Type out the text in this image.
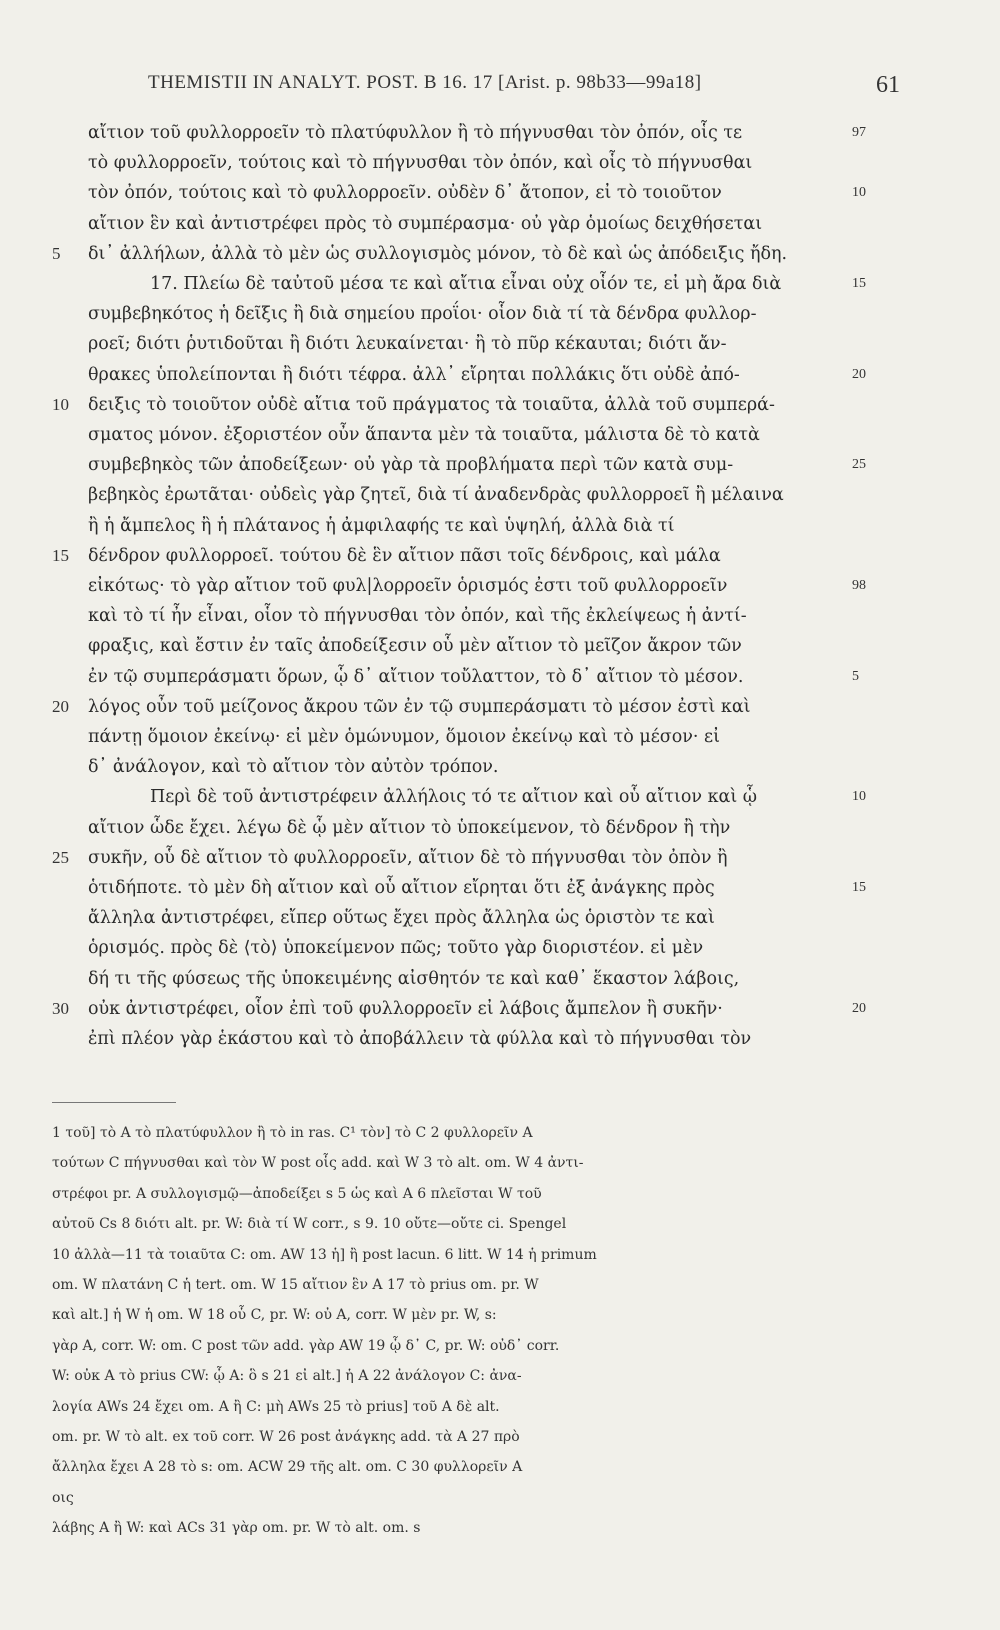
THEMISTII IN ANALYT. POST. B 16. 17 [Arist. p. 98b33—99a18]	61
αἴτιον τοῦ φυλλορροεῖν τὸ πλατύφυλλον ἢ τὸ πήγνυσθαι τὸν ὀπόν, οἷς τε	97
τὸ φυλλορροεῖν, τούτοις καὶ τὸ πήγνυσθαι τὸν ὀπόν, καὶ οἷς τὸ πήγνυσθαι
τὸν ὀπόν, τούτοις καὶ τὸ φυλλορροεῖν. οὐδὲν δ᾽ ἄτοπον, εἰ τὸ τοιοῦτον	10
αἴτιον ἓν καὶ ἀντιστρέφει πρὸς τὸ συμπέρασμα· οὐ γὰρ ὁμοίως δειχθήσεται
5	δι᾽ ἀλλήλων, ἀλλὰ τὸ μὲν ὡς συλλογισμὸς μόνον, τὸ δὲ καὶ ὡς ἀπόδειξις ἤδη.
17. Πλείω δὲ ταὐτοῦ μέσα τε καὶ αἴτια εἶναι οὐχ οἷόν τε, εἰ μὴ ἄρα διὰ	15
συμβεβηκότος ἡ δεῖξις ἢ διὰ σημείου προΐοι· οἷον διὰ τί τὰ δένδρα φυλλορ-
ροεῖ; διότι ῥυτιδοῦται ἢ διότι λευκαίνεται· ἢ τὸ πῦρ κέκαυται; διότι ἄν-
θρακες ὑπολείπονται ἢ διότι τέφρα. ἀλλ᾽ εἴρηται πολλάκις ὅτι οὐδὲ ἀπό-	20
10	δειξις τὸ τοιοῦτον οὐδὲ αἴτια τοῦ πράγματος τὰ τοιαῦτα, ἀλλὰ τοῦ συμπερά-
σματος μόνον. ἐξοριστέον οὖν ἅπαντα μὲν τὰ τοιαῦτα, μάλιστα δὲ τὸ κατὰ
συμβεβηκὸς τῶν ἀποδείξεων· οὐ γὰρ τὰ προβλήματα περὶ τῶν κατὰ συμ-	25
βεβηκὸς ἐρωτᾶται· οὐδεὶς γὰρ ζητεῖ, διὰ τί ἀναδενδρὰς φυλλορροεῖ ἢ μέλαινα
ἢ ἡ ἄμπελος ἢ ἡ πλάτανος ἡ ἀμφιλαφής τε καὶ ὑψηλή, ἀλλὰ διὰ τί
15	δένδρον φυλλορροεῖ. τούτου δὲ ἓν αἴτιον πᾶσι τοῖς δένδροις, καὶ μάλα
εἰκότως· τὸ γὰρ αἴτιον τοῦ φυλ|λορροεῖν ὁρισμός ἐστι τοῦ φυλλορροεῖν	98
καὶ τὸ τί ἦν εἶναι, οἷον τὸ πήγνυσθαι τὸν ὀπόν, καὶ τῆς ἐκλείψεως ἡ ἀντί-
φραξις, καὶ ἔστιν ἐν ταῖς ἀποδείξεσιν οὗ μὲν αἴτιον τὸ μεῖζον ἄκρον τῶν
ἐν τῷ συμπεράσματι ὅρων, ᾧ δ᾽ αἴτιον τοὔλαττον, τὸ δ᾽ αἴτιον τὸ μέσον.	5
20	λόγος οὖν τοῦ μείζονος ἄκρου τῶν ἐν τῷ συμπεράσματι τὸ μέσον ἐστὶ καὶ
πάντῃ ὅμοιον ἐκείνῳ· εἰ μὲν ὁμώνυμον, ὅμοιον ἐκείνῳ καὶ τὸ μέσον· εἰ
δ᾽ ἀνάλογον, καὶ τὸ αἴτιον τὸν αὐτὸν τρόπον.
Περὶ δὲ τοῦ ἀντιστρέφειν ἀλλήλοις τό τε αἴτιον καὶ οὗ αἴτιον καὶ ᾧ	10
αἴτιον ὧδε ἔχει. λέγω δὲ ᾧ μὲν αἴτιον τὸ ὑποκείμενον, τὸ δένδρον ἢ τὴν
25	συκῆν, οὗ δὲ αἴτιον τὸ φυλλορροεῖν, αἴτιον δὲ τὸ πήγνυσθαι τὸν ὀπὸν ἢ
ὁτιδήποτε. τὸ μὲν δὴ αἴτιον καὶ οὗ αἴτιον εἴρηται ὅτι ἐξ ἀνάγκης πρὸς	15
ἄλληλα ἀντιστρέφει, εἴπερ οὕτως ἔχει πρὸς ἄλληλα ὡς ὁριστὸν τε καὶ
ὁρισμός. πρὸς δὲ ⟨τὸ⟩ ὑποκείμενον πῶς; τοῦτο γὰρ διοριστέον. εἰ μὲν
δή τι τῆς φύσεως τῆς ὑποκειμένης αἰσθητόν τε καὶ καθ᾽ ἕκαστον λάβοις,
30	οὐκ ἀντιστρέφει, οἷον ἐπὶ τοῦ φυλλορροεῖν εἰ λάβοις ἄμπελον ἢ συκῆν·	20
ἐπὶ πλέον γὰρ ἑκάστου καὶ τὸ ἀποβάλλειν τὰ φύλλα καὶ τὸ πήγνυσθαι τὸν
1 τοῦ] τὸ A τὸ πλατύφυλλον ἢ τὸ in ras. C¹ τὸν] τὸ C 2 φυλλορεῖν A
τούτων C πήγνυσθαι καὶ τὸν W post οἷς add. καὶ W 3 τὸ alt. om. W 4 ἀντι-
στρέφοι pr. A συλλογισμῷ—ἀποδείξει s 5 ὡς καὶ A 6 πλεῖσται W τοῦ
αὐτοῦ Cs 8 διότι alt. pr. W: διὰ τί W corr., s 9. 10 οὔτε—οὔτε ci. Spengel
10 ἀλλὰ—11 τὰ τοιαῦτα C: om. AW 13 ἡ] ἢ post lacun. 6 litt. W 14 ἡ primum
om. W πλατάνη C ἡ tert. om. W 15 αἴτιον ἓν A 17 τὸ prius om. pr. W
καὶ alt.] ἡ W ἡ om. W 18 οὗ C, pr. W: οὐ A, corr. W μὲν pr. W, s:
γὰρ A, corr. W: om. C post τῶν add. γὰρ AW 19 ᾧ δ᾽ C, pr. W: οὐδ᾽ corr.
W: οὐκ A τὸ prius CW: ᾧ A: ὃ s 21 εἰ alt.] ἡ A 22 ἀνάλογον C: ἀνα-
λογία AWs 24 ἔχει om. A ἢ C: μὴ AWs 25 τὸ prius] τοῦ A δὲ alt.
om. pr. W τὸ alt. ex τοῦ corr. W 26 post ἀνάγκης add. τὰ A 27 πρὸ
ἄλληλα ἔχει A 28 τὸ s: om. ACW 29 τῆς alt. om. C 30 φυλλορεῖν A
οις
λάβης A ἢ W: καὶ ACs 31 γὰρ om. pr. W τὸ alt. om. s
